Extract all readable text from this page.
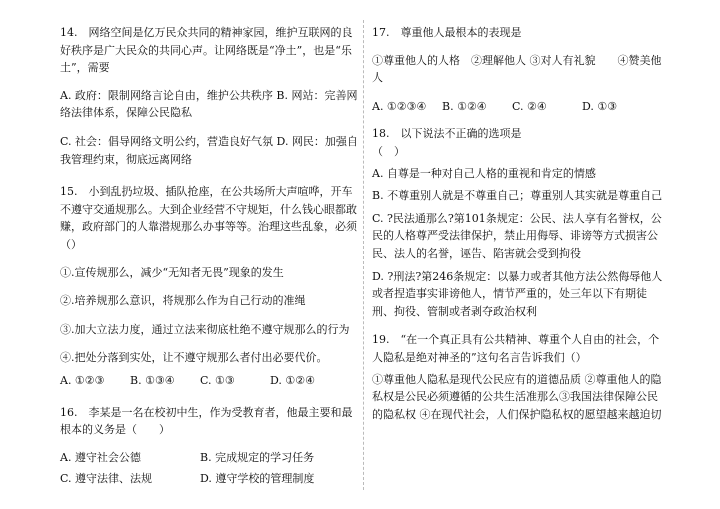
14.　网络空间是亿万民众共同的精神家园，维护互联网的良好秩序是广大民众的共同心声。让网络既是“净土”，也是“乐土”，需要

A. 政府：限制网络言论自由，维护公共秩序 B. 网站：完善网络法律体系，保障公民隐私

C. 社会：倡导网络文明公约，营造良好气氛 D. 网民：加强自我管理约束，彻底远离网络

15.　小到乱扔垃圾、插队抢座，在公共场所大声喧哗，开车不遵守交通规那么。大到企业经营不守规矩，什么钱心眼都敢赚，政府部门的人靠潜规那么办事等等。治理这些乱象，必须（）

①.宣传规那么，减少“无知者无畏”现象的发生

②.培养规那么意识，将规那么作为自己行动的准绳

③.加大立法力度，通过立法来彻底杜绝不遵守规那么的行为

④.把处分落到实处，让不遵守规那么者付出必要代价。

A. ①②③	B. ①③④	C. ①③	D. ①②④

16.　李某是一名在校初中生，作为受教育者，他最主要和最根本的义务是（　　）

A. 遵守社会公德	B. 完成规定的学习任务
C. 遵守法律、法规	D. 遵守学校的管理制度

17.　尊重他人最根本的表现是

①尊重他人的人格　②理解他人 ③对人有礼貌　　④赞美他人

A. ①②③④	B. ①②④	C. ②④	D. ①③

18.　以下说法不正确的选项是

（　）

A. 自尊是一种对自己人格的重视和肯定的情感

B. 不尊重别人就是不尊重自己；尊重别人其实就是尊重自己

C. ?民法通那么?第101条规定：公民、法人享有名誉权，公民的人格尊严受法律保护，禁止用侮辱、诽谤等方式损害公民、法人的名誉，诬告、陷害就会受到拘役

D. ?刑法?第246条规定：以暴力或者其他方法公然侮辱他人或者捏造事实诽谤他人，情节严重的，处三年以下有期徒刑、拘役、管制或者剥夺政治权利

19.　“在一个真正具有公共精神、尊重个人自由的社会，个人隐私是绝对神圣的”这句名言告诉我们（）

①尊重他人隐私是现代公民应有的道德品质 ②尊重他人的隐私权是公民必须遵循的公共生活准那么③我国法律保障公民的隐私权 ④在现代社会，人们保护隐私权的愿望越来越迫切
